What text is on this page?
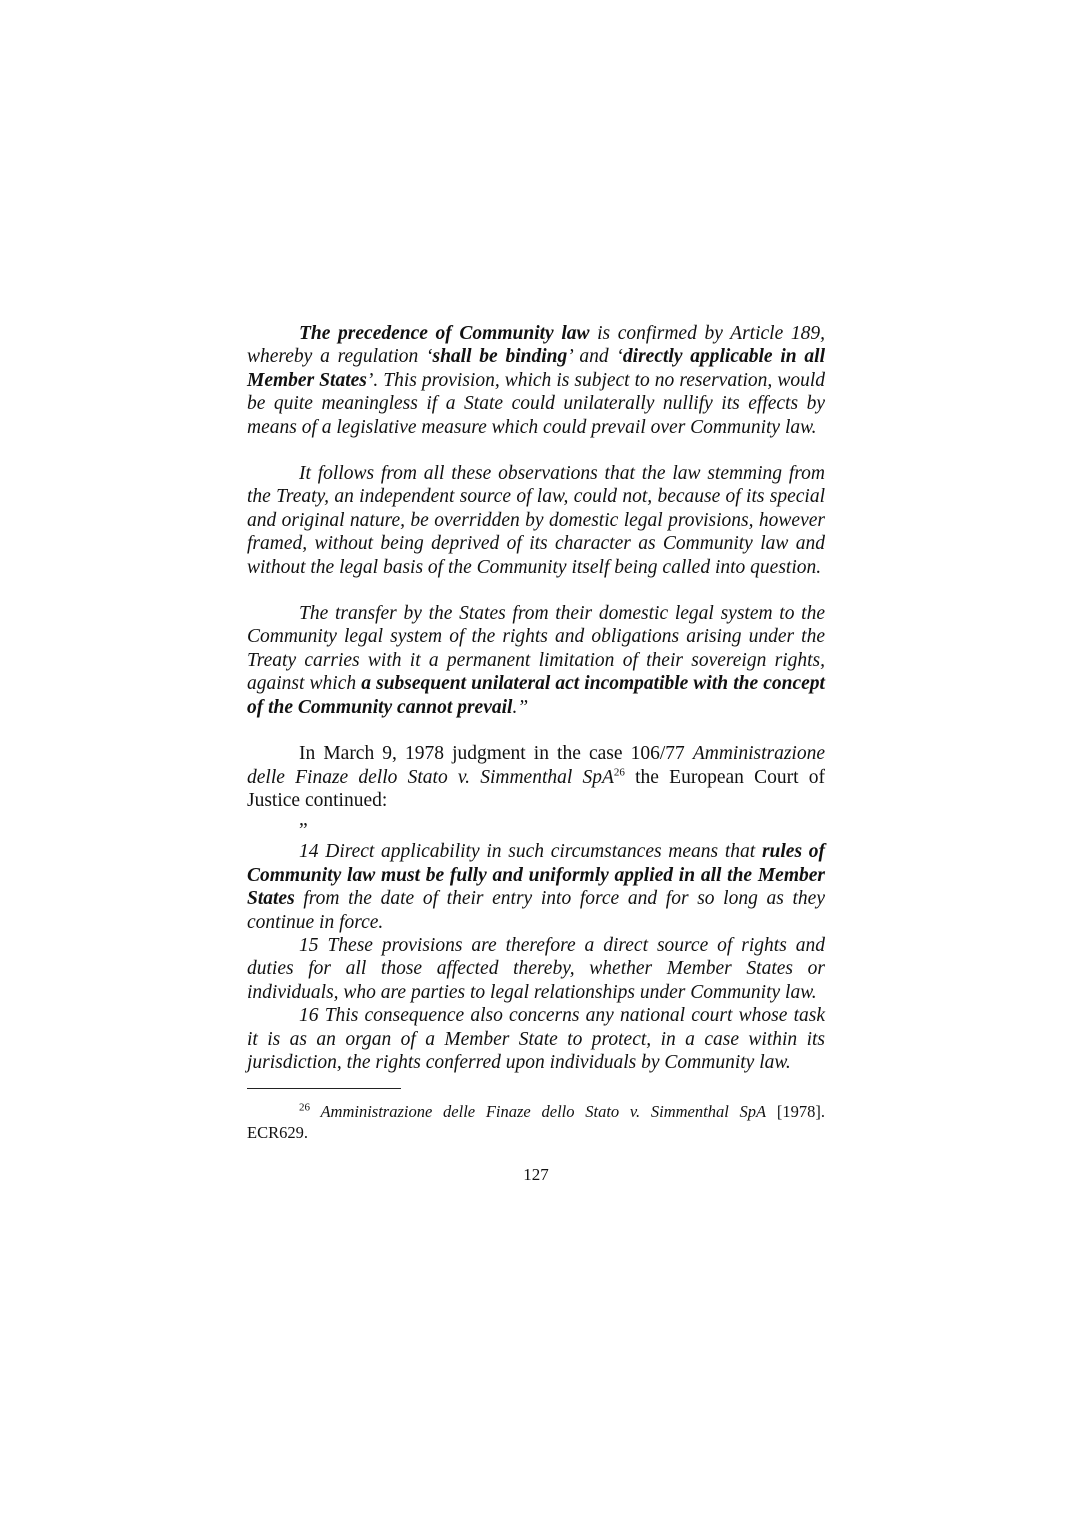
The precedence of Community law is confirmed by Article 189, whereby a regulation ‘shall be binding’ and ‘directly applicable in all Member States’. This provision, which is subject to no reservation, would be quite meaningless if a State could unilaterally nullify its effects by means of a legislative measure which could prevail over Community law.

It follows from all these observations that the law stemming from the Treaty, an independent source of law, could not, because of its special and original nature, be overridden by domestic legal provisions, however framed, without being deprived of its character as Community law and without the legal basis of the Community itself being called into question.

The transfer by the States from their domestic legal system to the Community legal system of the rights and obligations arising under the Treaty carries with it a permanent limitation of their sovereign rights, against which a subsequent unilateral act incompatible with the concept of the Community cannot prevail.”

In March 9, 1978 judgment in the case 106/77 Amministrazione delle Finaze dello Stato v. Simmenthal SpA$^{26}$ the European Court of Justice continued:

”

14 Direct applicability in such circumstances means that rules of Community law must be fully and uniformly applied in all the Member States from the date of their entry into force and for so long as they continue in force.

15 These provisions are therefore a direct source of rights and duties for all those affected thereby, whether Member States or individuals, who are parties to legal relationships under Community law.

16 This consequence also concerns any national court whose task it is as an organ of a Member State to protect, in a case within its jurisdiction, the rights conferred upon individuals by Community law.

$^{26}$ Amministrazione delle Finaze dello Stato v. Simmenthal SpA [1978]. ECR629.

127
